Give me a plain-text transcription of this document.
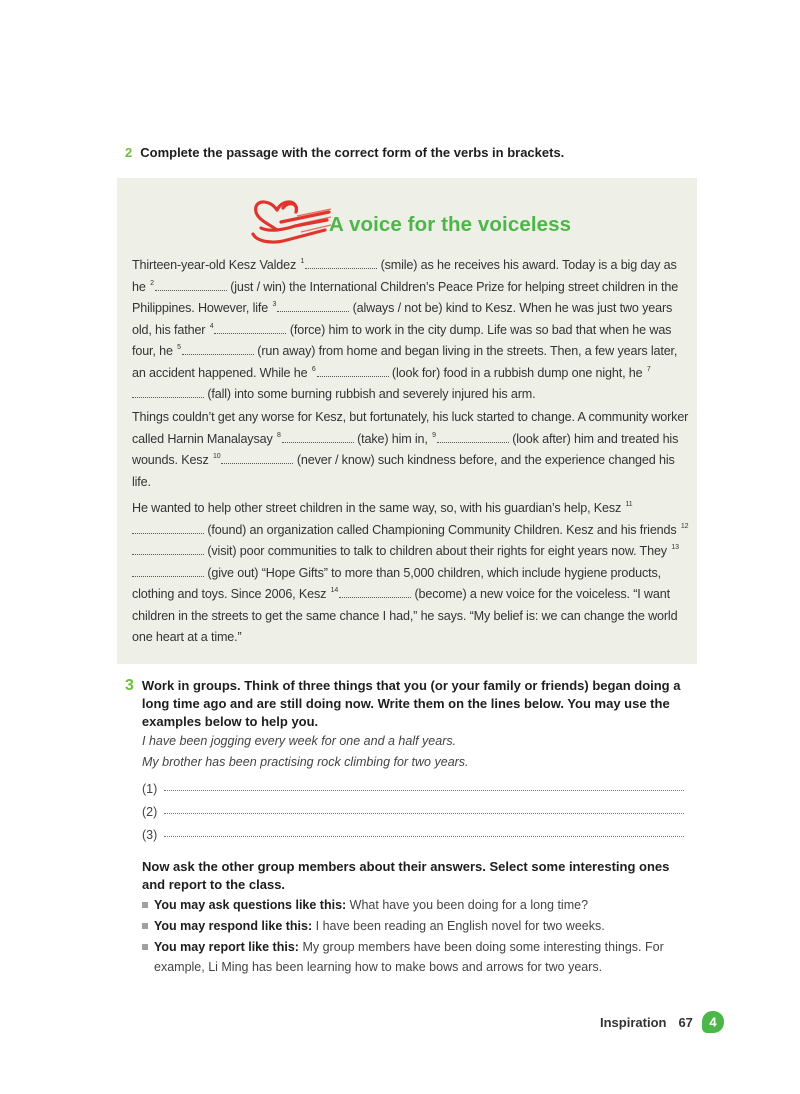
2 Complete the passage with the correct form of the verbs in brackets.
A voice for the voiceless
Thirteen-year-old Kesz Valdez $^1$	(smile) as he receives his award. Today is a big day as he $^2$	(just / win) the International Children’s Peace Prize for helping street children in the Philippines. However, life $^3$	(always / not be) kind to Kesz. When he was just two years old, his father $^4$	(force) him to work in the city dump. Life was so bad that when he was four, he $^5$	(run away) from home and began living in the streets. Then, a few years later, an accident happened. While he $^6$	(look for) food in a rubbish dump one night, he $^7$ (fall) into some burning rubbish and severely injured his arm.
Things couldn’t get any worse for Kesz, but fortunately, his luck started to change. A community worker called Harnin Manalaysay $^8$	(take) him in, $^9$	(look after) him and treated his wounds. Kesz $^{10}$	(never / know) such kindness before, and the experience changed his life.
He wanted to help other street children in the same way, so, with his guardian’s help, Kesz $^{11}$ (found) an organization called Championing Community Children. Kesz and his friends $^{12}$ (visit) poor communities to talk to children about their rights for eight years now. They $^{13}$ (give out) “Hope Gifts” to more than 5,000 children, which include hygiene products, clothing and toys. Since 2006, Kesz $^{14}$	(become) a new voice for the voiceless. “I want children in the streets to get the same chance I had,” he says. “My belief is: we can change the world one heart at a time.”
3 Work in groups. Think of three things that you (or your family or friends) began doing a long time ago and are still doing now. Write them on the lines below. You may use the examples below to help you.
I have been jogging every week for one and a half years.
My brother has been practising rock climbing for two years.
(1)
(2)
(3)
Now ask the other group members about their answers. Select some interesting ones and report to the class.
You may ask questions like this: What have you been doing for a long time?
You may respond like this: I have been reading an English novel for two weeks.
You may report like this: My group members have been doing some interesting things. For example, Li Ming has been learning how to make bows and arrows for two years.
Inspiration 67 4
